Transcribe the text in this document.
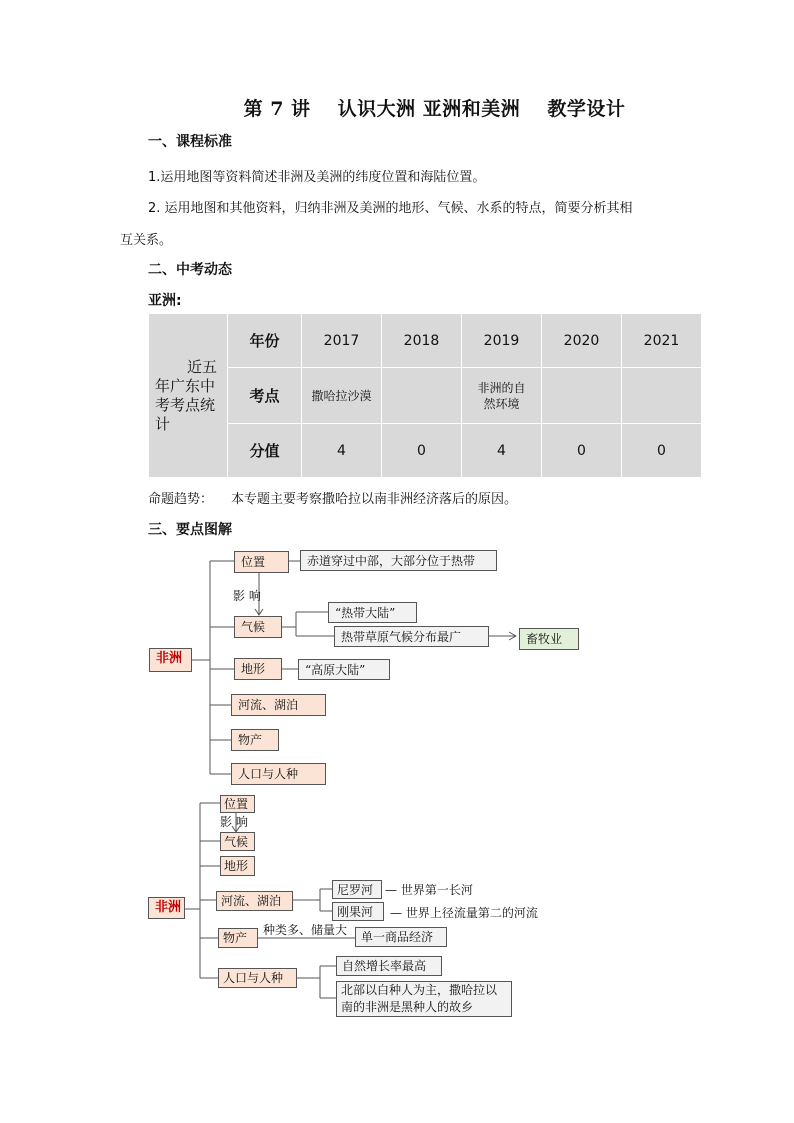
第 7 讲 认识大洲 亚洲和美洲 教学设计
一、课程标准
1.运用地图等资料简述非洲及美洲的纬度位置和海陆位置。
2. 运用地图和其他资料，归纳非洲及美洲的地形、气候、水系的特点，简要分析其相
互关系。
二、中考动态
亚洲:
近五
年广东中
考考点统
计	年份	2017	2018	2019	2020	2021
	考点	撒哈拉沙漠		非洲的自然环境		

	分值	4	0	4	0	0
命题趋势： 本专题主要考察撒哈拉以南非洲经济落后的原因。
三、要点图解
非洲
位置	赤道穿过中部，大部分位于热带
影 响
气候
“热带大陆”
热带草原气候分布最广	畜牧业
地形	“高原大陆”
河流、湖泊
物产
人口与人种
非洲
位置
影 响
气候
地形
河流、湖泊
尼罗河 — 世界第一长河
刚果河	— 世界上径流量第二的河流
物产
种类多、储量大	单一商品经济
人口与人种
自然增长率最高
北部以白种人为主，撒哈拉以
南的非洲是黑种人的故乡
